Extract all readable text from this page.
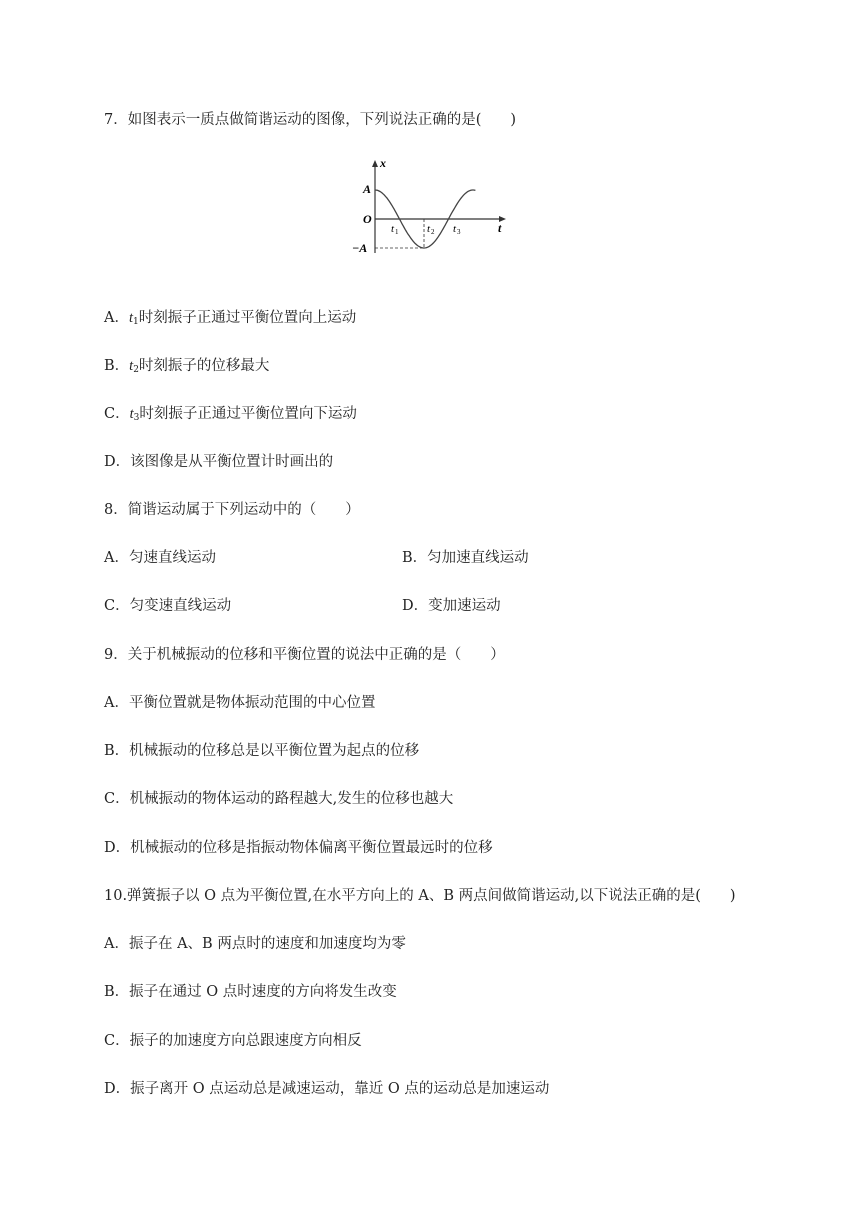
7．如图表示一质点做简谐运动的图像，下列说法正确的是(　　)
x
t
A
O
−A
t 1	t 2 t 3
A．$t_1$时刻振子正通过平衡位置向上运动
B．$t_2$时刻振子的位移最大
C．$t_3$时刻振子正通过平衡位置向下运动
D．该图像是从平衡位置计时画出的
8．简谐运动属于下列运动中的（　　）
A．匀速直线运动	B．匀加速直线运动
C．匀变速直线运动	D．变加速运动
9．关于机械振动的位移和平衡位置的说法中正确的是（　　）
A．平衡位置就是物体振动范围的中心位置
B．机械振动的位移总是以平衡位置为起点的位移
C．机械振动的物体运动的路程越大,发生的位移也越大
D．机械振动的位移是指振动物体偏离平衡位置最远时的位移
10.弹簧振子以 O 点为平衡位置,在水平方向上的 A、B 两点间做简谐运动,以下说法正确的是(　　)
A．振子在 A、B 两点时的速度和加速度均为零
B．振子在通过 O 点时速度的方向将发生改变
C．振子的加速度方向总跟速度方向相反
D．振子离开 O 点运动总是减速运动，靠近 O 点的运动总是加速运动
